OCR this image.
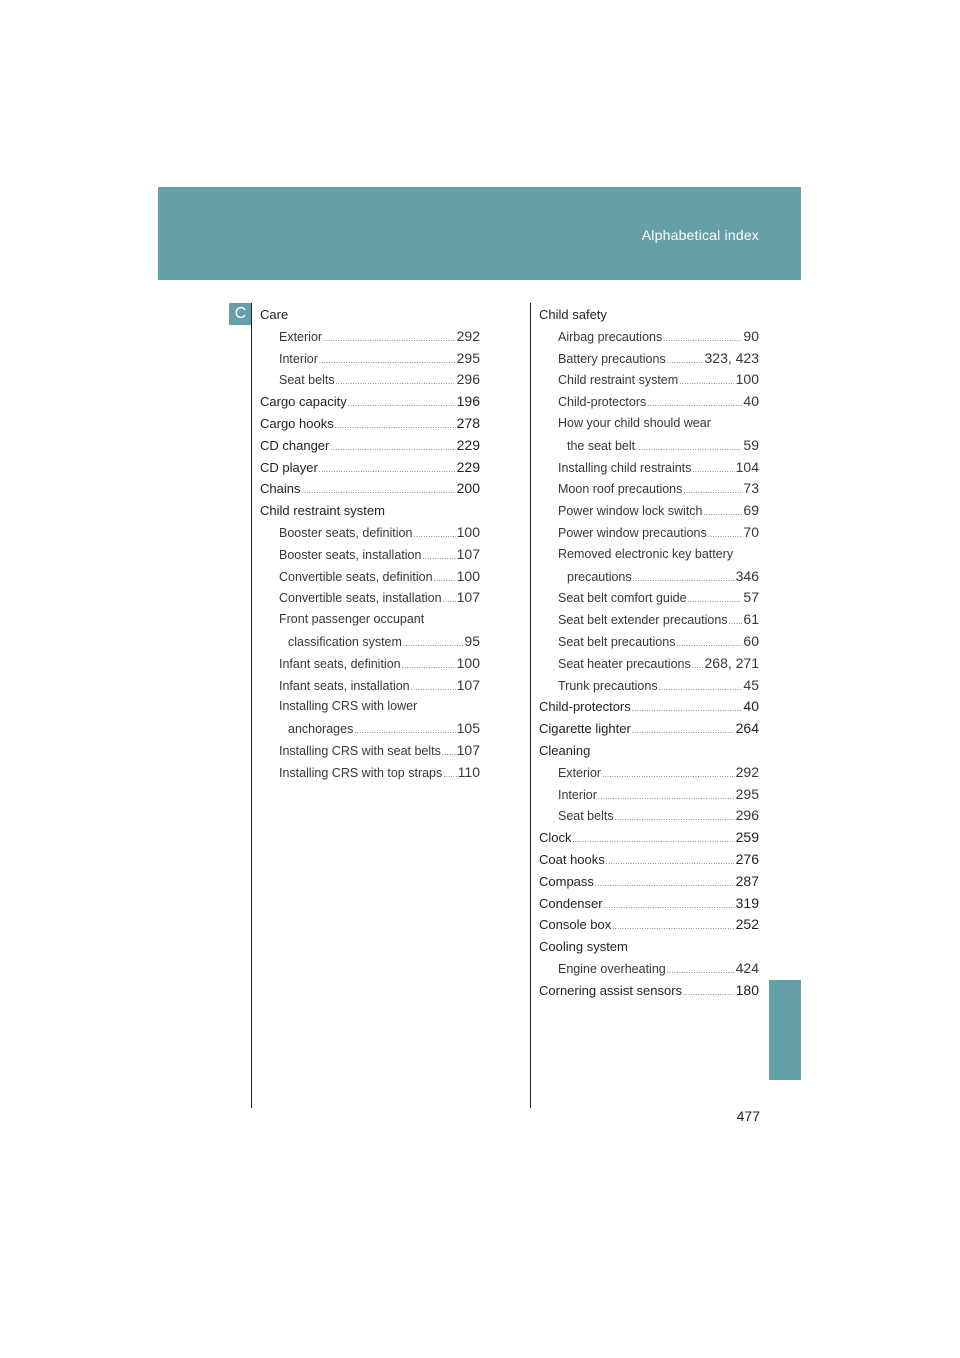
Alphabetical index
C	Care
Exterior .....	292
Interior .....	295
Seat belts .....	296
Cargo capacity .....	196
Cargo hooks .....	278
CD changer .....	229
CD player .....	229
Chains .....	200
Child restraint system
Booster seats, definition .....	100
Booster seats, installation .....	107
Convertible seats, definition ..... 100
Convertible seats, installation ..... 107
Front passenger occupant
classification system .....	95
Infant seats, definition .....	100
Infant seats, installation .....	107
Installing CRS with lower
anchorages .....	105
Installing CRS with seat belts ..... 107
Installing CRS with top straps ..... 110
Child safety
Airbag precautions .....	90
Battery precautions .....	323, 423
Child restraint system .....	100
Child-protectors .....	40
How your child should wear
the seat belt .....	59
Installing child restraints .....	104
Moon roof precautions .....	73
Power window lock switch .....	69
Power window precautions .....	70
Removed electronic key battery
precautions .....	346
Seat belt comfort guide .....	57
Seat belt extender precautions ..... 61
Seat belt precautions .....	60
Seat heater precautions ..... 268, 271
Trunk precautions .....	45
Child-protectors .....	40
Cigarette lighter .....	264
Cleaning
Exterior .....	292
Interior .....	295
Seat belts .....	296
Clock .....	259
Coat hooks .....	276
Compass .....	287
Condenser .....	319
Console box .....	252
Cooling system
Engine overheating .....	424
Cornering assist sensors .....	180
477
